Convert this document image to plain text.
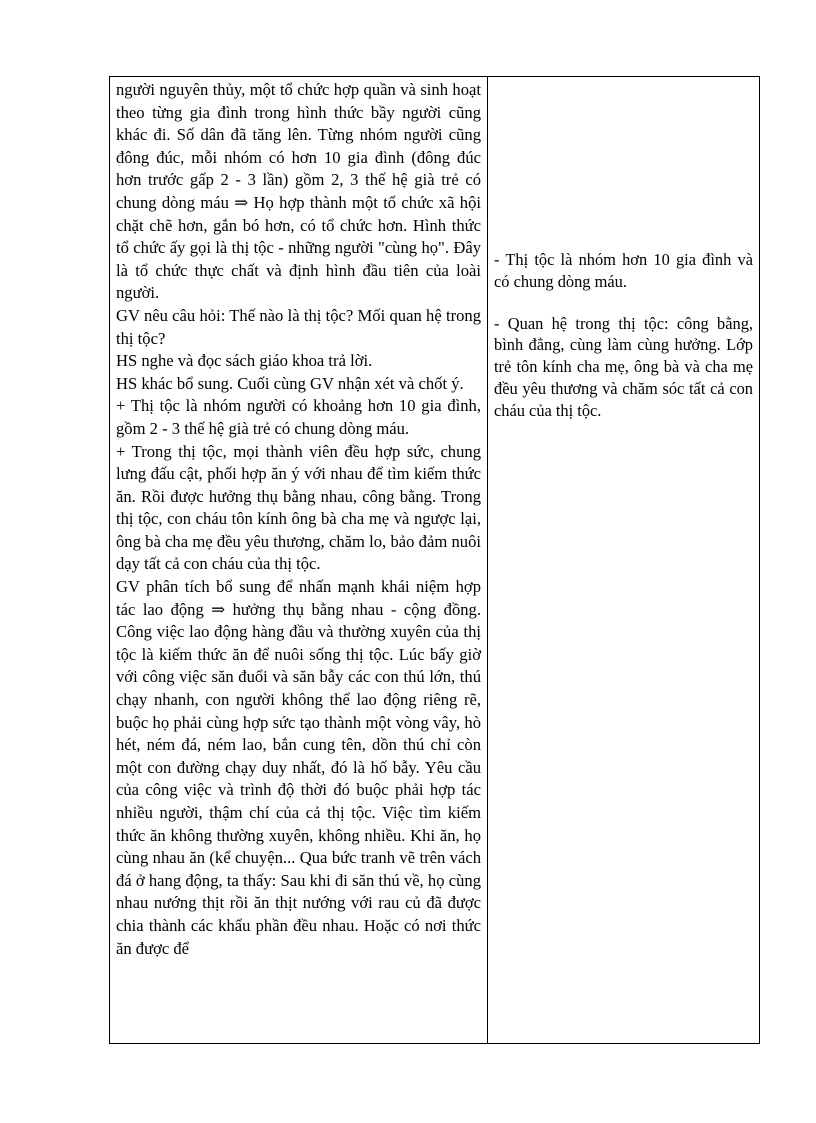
người nguyên thủy, một tổ chức hợp quần và sinh hoạt theo từng gia đình trong hình thức bầy người cũng khác đi. Số dân đã tăng lên. Từng nhóm người cũng đông đúc, mỗi nhóm có hơn 10 gia đình (đông đúc hơn trước gấp 2 - 3 lần) gồm 2, 3 thế hệ già trẻ có chung dòng máu ⇒ Họ hợp thành một tổ chức xã hội chặt chẽ hơn, gắn bó hơn, có tổ chức hơn. Hình thức tổ chức ấy gọi là thị tộc - những người "cùng họ". Đây là tổ chức thực chất và định hình đầu tiên của loài người.

GV nêu câu hỏi: Thế nào là thị tộc? Mối quan hệ trong thị tộc?

HS nghe và đọc sách giáo khoa trả lời.

HS khác bổ sung. Cuối cùng GV nhận xét và chốt ý.

+ Thị tộc là nhóm người có khoảng hơn 10 gia đình, gồm 2 - 3 thế hệ già trẻ có chung dòng máu.

+ Trong thị tộc, mọi thành viên đều hợp sức, chung lưng đấu cật, phối hợp ăn ý với nhau để tìm kiếm thức ăn. Rồi được hưởng thụ bằng nhau, công bằng. Trong thị tộc, con cháu tôn kính ông bà cha mẹ và ngược lại, ông bà cha mẹ đều yêu thương, chăm lo, bảo đảm nuôi dạy tất cả con cháu của thị tộc.

GV phân tích bổ sung để nhấn mạnh khái niệm hợp tác lao động ⇒ hưởng thụ bằng nhau - cộng đồng. Công việc lao động hàng đầu và thường xuyên của thị tộc là kiếm thức ăn để nuôi sống thị tộc. Lúc bấy giờ với công việc săn đuổi và săn bẫy các con thú lớn, thú chạy nhanh, con người không thể lao động riêng rẽ, buộc họ phải cùng hợp sức tạo thành một vòng vây, hò hét, ném đá, ném lao, bắn cung tên, dồn thú chỉ còn một con đường chạy duy nhất, đó là hố bẫy. Yêu cầu của công việc và trình độ thời đó buộc phải hợp tác nhiều người, thậm chí của cả thị tộc. Việc tìm kiếm thức ăn không thường xuyên, không nhiều. Khi ăn, họ cùng nhau ăn (kể chuyện... Qua bức tranh vẽ trên vách đá ở hang động, ta thấy: Sau khi đi săn thú về, họ cùng nhau nướng thịt rồi ăn thịt nướng với rau củ đã được chia thành các khẩu phần đều nhau. Hoặc có nơi thức ăn được để

- Thị tộc là nhóm hơn 10 gia đình và có chung dòng máu.

- Quan hệ trong thị tộc: công bằng, bình đẳng, cùng làm cùng hưởng. Lớp trẻ tôn kính cha mẹ, ông bà và cha mẹ đều yêu thương và chăm sóc tất cả con cháu của thị tộc.
